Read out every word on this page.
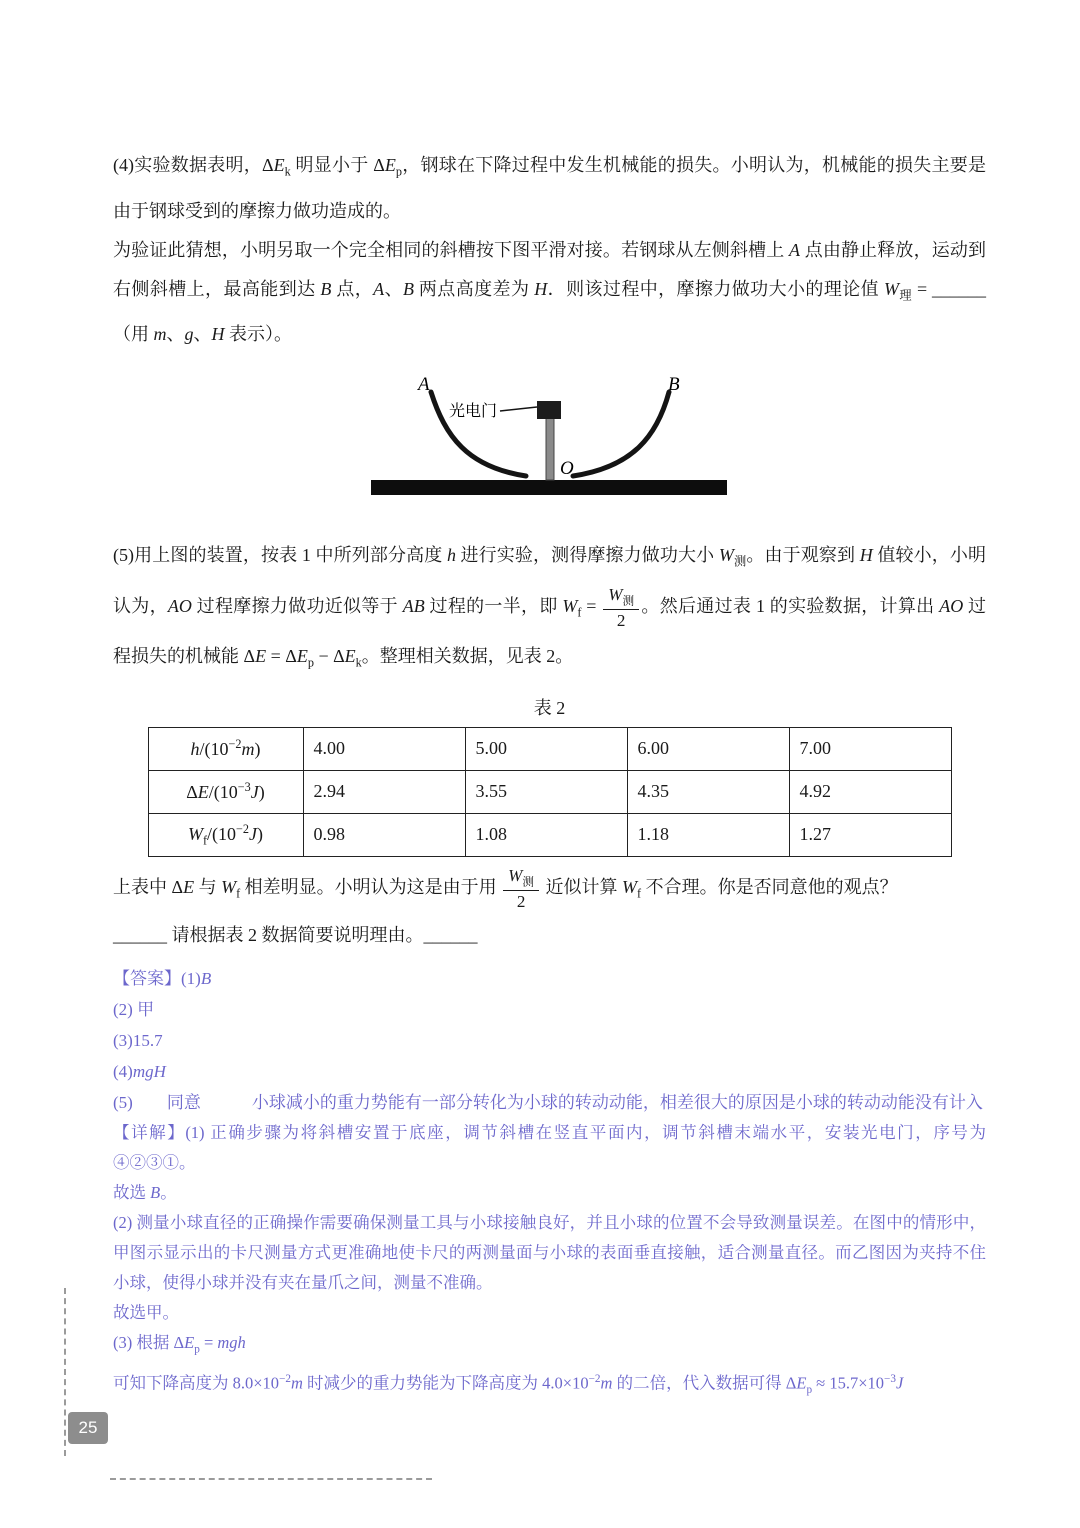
(4)实验数据表明，$\Delta E_k$ 明显小于 $\Delta E_p$，钢球在下降过程中发生机械能的损失。小明认为，机械能的损失主要是由于钢球受到的摩擦力做功造成的。

为验证此猜想，小明另取一个完全相同的斜槽按下图平滑对接。若钢球从左侧斜槽上 A 点由静止释放，运动到右侧斜槽上，最高能到达 B 点，A、B 两点高度差为 H．则该过程中，摩擦力做功大小的理论值 $W_理$ = ______（用 m、g、H 表示）。

A	B
光电门
O

(5)用上图的装置，按表 1 中所列部分高度 h 进行实验，测得摩擦力做功大小 $W_测$。由于观察到 H 值较小，小明认为，AO 过程摩擦力做功近似等于 AB 过程的一半，即 $W_f = \frac{W_测}{2}$ 。然后通过表 1 的实验数据，计算出 AO 过程损失的机械能 $\Delta E = \Delta E_p - \Delta E_k$。整理相关数据，见表 2。

表 2
$h/(10^{-2}m)$	4.00	5.00	6.00	7.00
$\Delta E/(10^{-3}J)$	2.94	3.55	4.35	4.92
$W_f/(10^{-2}J)$	0.98	1.08	1.18	1.27

上表中 ΔE 与 $W_f$ 相差明显。小明认为这是由于用 $\frac{W_测}{2}$ 近似计算 $W_f$ 不合理。你是否同意他的观点？

______ 请根据表 2 数据简要说明理由。______

【答案】(1)B

(2) 甲

(3)15.7

(4)mgH

(5)　　同意　　　小球减小的重力势能有一部分转化为小球的转动动能，相差很大的原因是小球的转动动能没有计入

【详解】(1) 正确步骤为将斜槽安置于底座，调节斜槽在竖直平面内，调节斜槽末端水平，安装光电门，序号为④②③①。

故选 B。

(2) 测量小球直径的正确操作需要确保测量工具与小球接触良好，并且小球的位置不会导致测量误差。在图中的情形中，甲图示显示出的卡尺测量方式更准确地使卡尺的两测量面与小球的表面垂直接触，适合测量直径。而乙图因为夹持不住小球，使得小球并没有夹在量爪之间，测量不准确。

故选甲。

(3) 根据 $\Delta E_p$ = mgh

可知下降高度为 $8.0\times 10^{-2}m$ 时减少的重力势能为下降高度为 $4.0\times 10^{-2}m$ 的二倍，代入数据可得 $\Delta E_p \approx 15.7\times 10^{-3}J$

25
